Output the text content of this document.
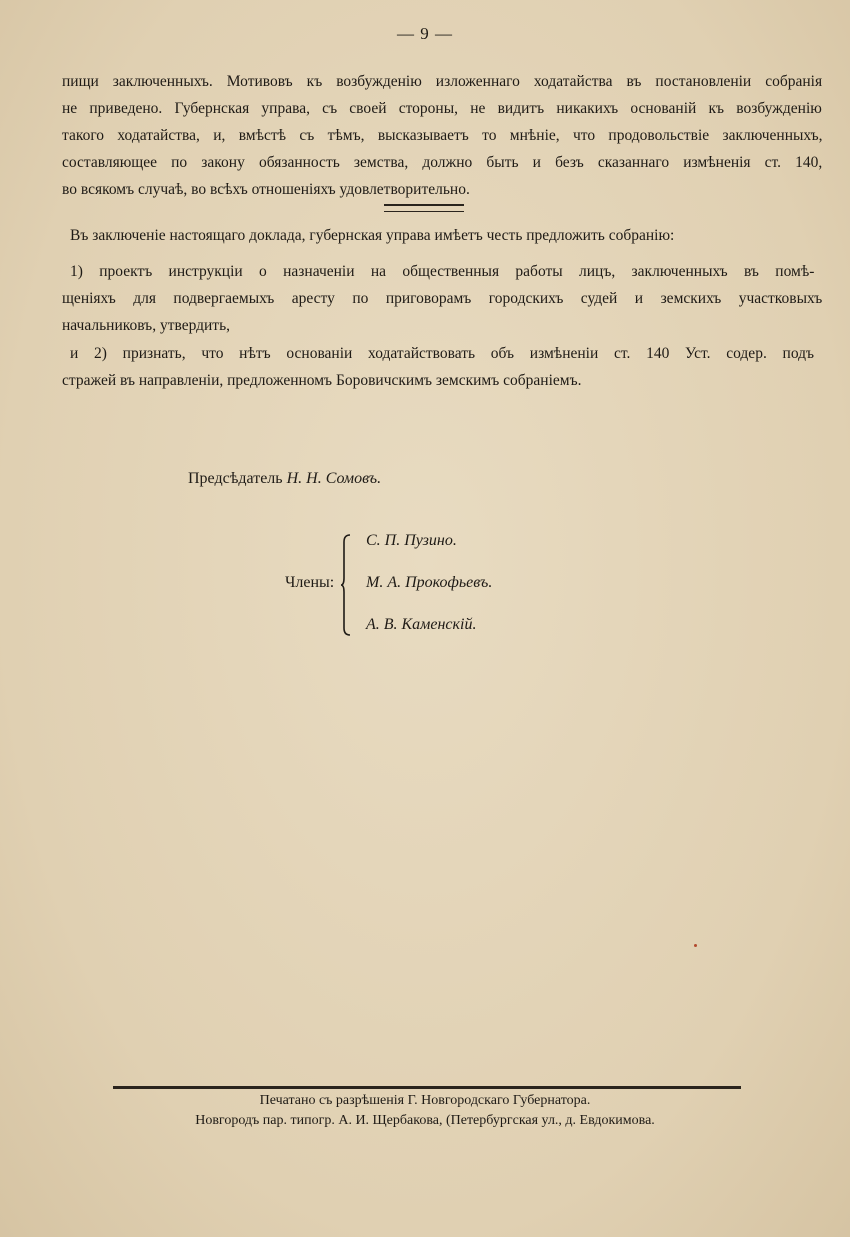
— 9 —
пищи заключенныхъ. Мотивовъ къ возбужденію изложеннаго ходатайства въ постановленіи собранія
не приведено. Губернская управа, съ своей стороны, не видитъ никакихъ основаній къ возбужденію
такого ходатайства, и, вмѣстѣ съ тѣмъ, высказываетъ то мнѣніе, что продовольствіе заключенныхъ,
составляющее по закону обязанность земства, должно быть и безъ сказаннаго измѣненія ст. 140,
во всякомъ случаѣ, во всѣхъ отношеніяхъ удовлетворительно.
Въ заключеніе настоящаго доклада, губернская управа имѣетъ честь предложить собранію:
1) проектъ инструкціи о назначеніи на общественныя работы лицъ, заключенныхъ въ помѣ-
щеніяхъ для подвергаемыхъ аресту по приговорамъ городскихъ судей и земскихъ участковыхъ
начальниковъ, утвердить,
и 2) признать, что нѣтъ основаніи ходатайствовать объ измѣненіи ст. 140 Уст. содер. подъ
стражей въ направленіи, предложенномъ Боровичскимъ земскимъ собраніемъ.
Предсѣдатель Н. Н. Сомовъ.
Члены:
С. П. Пузино.
М. А. Прокофьевъ.
А. В. Каменскій.
Печатано съ разрѣшенія Г. Новгородскаго Губернатора.
Новгородъ пар. типогр. А. И. Щербакова, (Петербургская ул., д. Евдокимова.
